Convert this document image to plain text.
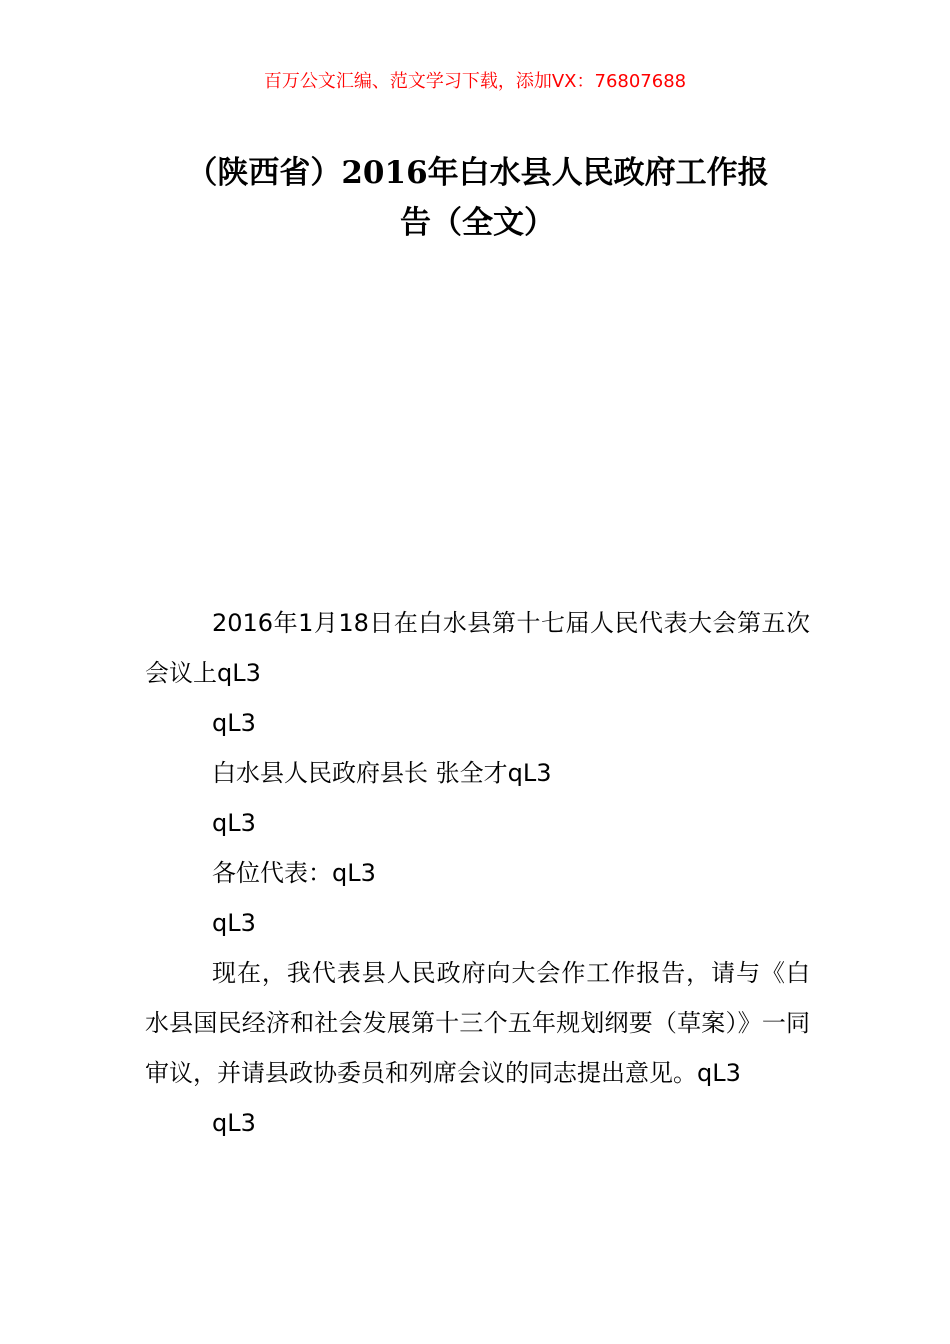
百万公文汇编、范文学习下载，添加VX：76807688
（陕西省）2016年白水县人民政府工作报
告（全文）

2016年1月18日在白水县第十七届人民代表大会第五次会议上qL3

qL3

白水县人民政府县长 张全才qL3

qL3

各位代表：qL3

qL3

现在，我代表县人民政府向大会作工作报告，请与《白水县国民经济和社会发展第十三个五年规划纲要（草案）》一同审议，并请县政协委员和列席会议的同志提出意见。qL3

qL3
